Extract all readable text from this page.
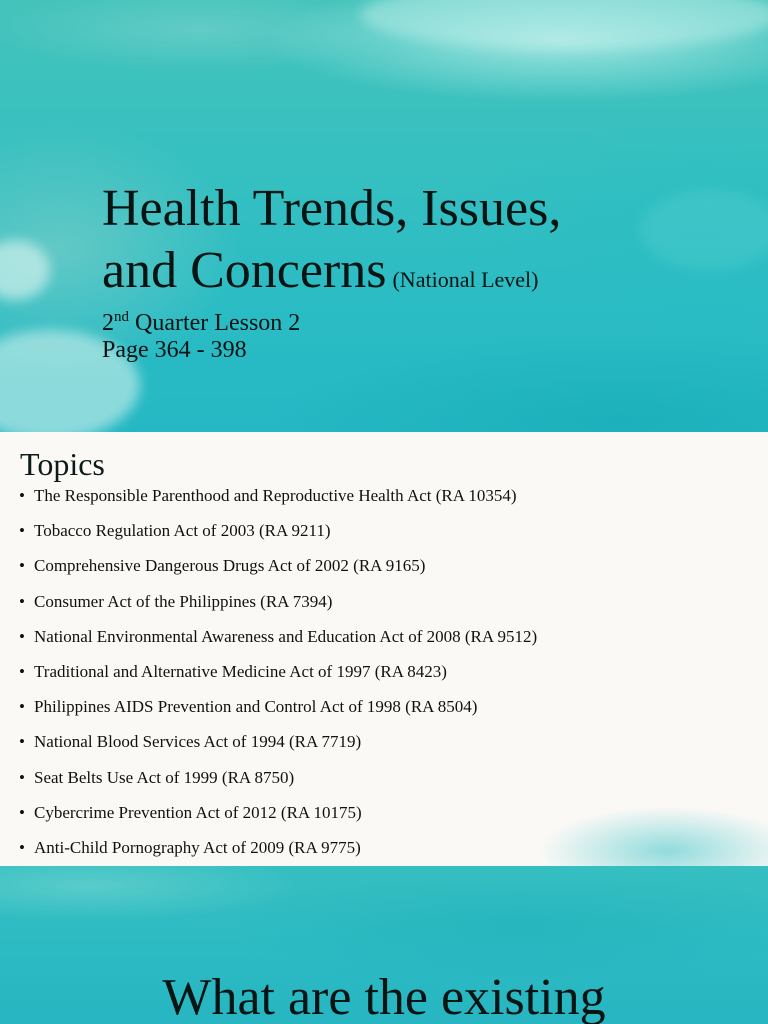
Health Trends, Issues,
and Concerns (National Level)
2nd Quarter Lesson 2
Page 364 - 398
Topics
• The Responsible Parenthood and Reproductive Health Act (RA 10354)
• Tobacco Regulation Act of 2003 (RA 9211)
• Comprehensive Dangerous Drugs Act of 2002 (RA 9165)
• Consumer Act of the Philippines (RA 7394)
• National Environmental Awareness and Education Act of 2008 (RA 9512)
• Traditional and Alternative Medicine Act of 1997 (RA 8423)
• Philippines AIDS Prevention and Control Act of 1998 (RA 8504)
• National Blood Services Act of 1994 (RA 7719)
• Seat Belts Use Act of 1999 (RA 8750)
• Cybercrime Prevention Act of 2012 (RA 10175)
• Anti-Child Pornography Act of 2009 (RA 9775)
What are the existing
